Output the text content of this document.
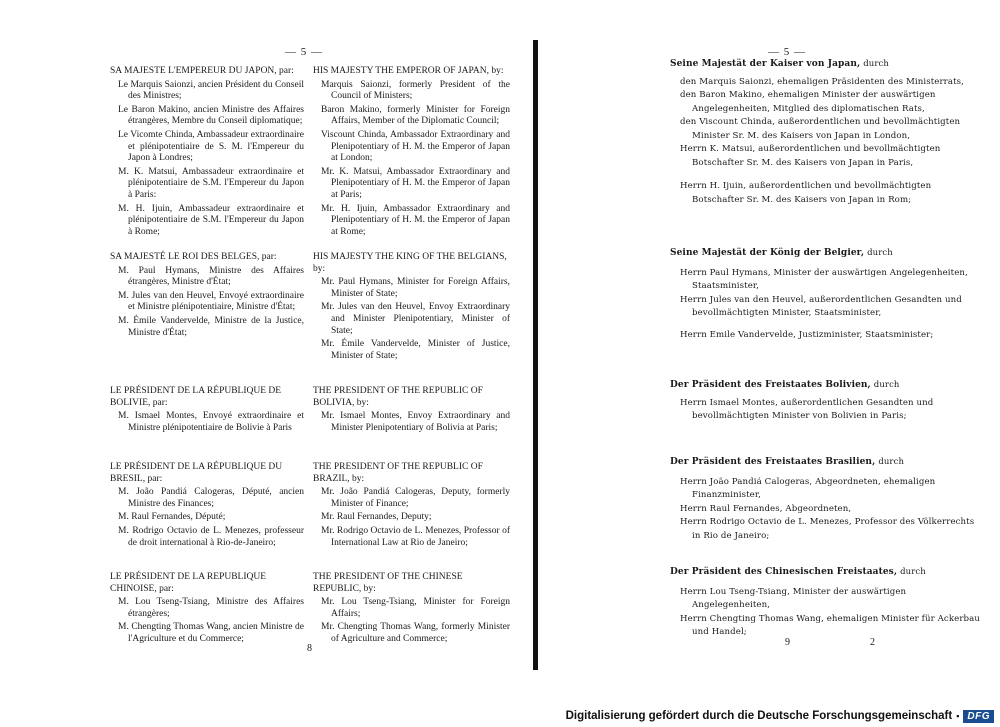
— 5 —

SA MAJESTE L'EMPEREUR DU JAPON, par:

Le Marquis Saionzi, ancien Président du Conseil des Ministres;

Le Baron Makino, ancien Ministre des Affaires étrangères, Membre du Conseil diplomatique;

Le Vicomte Chinda, Ambassadeur extraordinaire et plénipotentiaire de S. M. l'Empereur du Japon à Londres;

M. K. Matsui, Ambassadeur extraordinaire et plénipotentiaire de S.M. l'Empereur du Japon à Paris:

M. H. Ijuin, Ambassadeur extraordinaire et plénipotentiaire de S.M. l'Empereur du Japon à Rome;

SA MAJESTÉ LE ROI DES BELGES, par:

M. Paul Hymans, Ministre des Affaires étrangères, Ministre d'État;

M. Jules van den Heuvel, Envoyé extraordinaire et Ministre plénipotentiaire, Ministre d'État;

M. Émile Vandervelde, Ministre de la Justice, Ministre d'État;

LE PRÉSIDENT DE LA RÉPUBLIQUE DE BOLIVIE, par:

M. Ismael Montes, Envoyé extraordinaire et Ministre plénipotentiaire de Bolivie à Paris

LE PRÉSIDENT DE LA RÉPUBLIQUE DU BRESIL, par:

M. João Pandiá Calogeras, Député, ancien Ministre des Finances;

M. Raul Fernandes, Député;

M. Rodrigo Octavio de L. Menezes, professeur de droit international à Rio-de-Janeiro;

LE PRÉSIDENT DE LA REPUBLIQUE CHINOISE, par:

M. Lou Tseng-Tsiang, Ministre des Affaires étrangères;

M. Chengting Thomas Wang, ancien Ministre de l'Agriculture et du Commerce;

HIS MAJESTY THE EMPEROR OF JAPAN, by:

Marquis Saionzi, formerly President of the Council of Ministers;

Baron Makino, formerly Minister for Foreign Affairs, Member of the Diplomatic Council;

Viscount Chinda, Ambassador Extraordinary and Plenipotentiary of H. M. the Emperor of Japan at London;

Mr. K. Matsui, Ambassador Extraordinary and Plenipotentiary of H. M. the Emperor of Japan at Paris;

Mr. H. Ijuin, Ambassador Extraordinary and Plenipotentiary of H. M. the Emperor of Japan at Rome;

HIS MAJESTY THE KING OF THE BELGIANS, by:

Mr. Paul Hymans, Minister for Foreign Affairs, Minister of State;

Mr. Jules van den Heuvel, Envoy Extraordinary and Minister Plenipotentiary, Minister of State;

Mr. Émile Vandervelde, Minister of Justice, Minister of State;

THE PRESIDENT OF THE REPUBLIC OF BOLIVIA, by:

Mr. Ismael Montes, Envoy Extraordinary and Minister Plenipotentiary of Bolivia at Paris;

THE PRESIDENT OF THE REPUBLIC OF BRAZIL, by:

Mr. João Pandiá Calogeras, Deputy, formerly Minister of Finance;

Mr. Raul Fernandes, Deputy;

Mr. Rodrigo Octavio de L. Menezes, Professor of International Law at Rio de Janeiro;

THE PRESIDENT OF THE CHINESE REPUBLIC, by:

Mr. Lou Tseng-Tsiang, Minister for Foreign Affairs;

Mr. Chengting Thomas Wang, formerly Minister of Agriculture and Commerce;

8
— 5 —

Seine Majestät der Kaiser von Japan, durch

den Marquis Saionzi, ehemaligen Präsidenten des Ministerrats,

den Baron Makino, ehemaligen Minister der auswärtigen Angelegenheiten, Mitglied des diplomatischen Rats,

den Viscount Chinda, außerordentlichen und bevollmächtigten Minister Sr. M. des Kaisers von Japan in London,

Herrn K. Matsui, außerordentlichen und bevollmächtigten Botschafter Sr. M. des Kaisers von Japan in Paris,

Herrn H. Ijuin, außerordentlichen und bevollmächtigten Botschafter Sr. M. des Kaisers von Japan in Rom;

Seine Majestät der König der Belgier, durch

Herrn Paul Hymans, Minister der auswärtigen Angelegenheiten, Staatsminister,

Herrn Jules van den Heuvel, außerordentlichen Gesandten und bevollmächtigten Minister, Staatsminister,

Herrn Emile Vandervelde, Justizminister, Staatsminister;

Der Präsident des Freistaates Bolivien, durch

Herrn Ismael Montes, außerordentlichen Gesandten und bevollmächtigten Minister von Bolivien in Paris;

Der Präsident des Freistaates Brasilien, durch

Herrn João Pandiá Calogeras, Abgeordneten, ehemaligen Finanzminister,

Herrn Raul Fernandes, Abgeordneten,

Herrn Rodrigo Octavio de L. Menezes, Professor des Völkerrechts in Rio de Janeiro;

Der Präsident des Chinesischen Freistaates, durch

Herrn Lou Tseng-Tsiang, Minister der auswärtigen Angelegenheiten,

Herrn Chengting Thomas Wang, ehemaligen Minister für Ackerbau und Handel;

9	2
Digitalisierung gefördert durch die Deutsche Forschungsgemeinschaft ▪ DFG
